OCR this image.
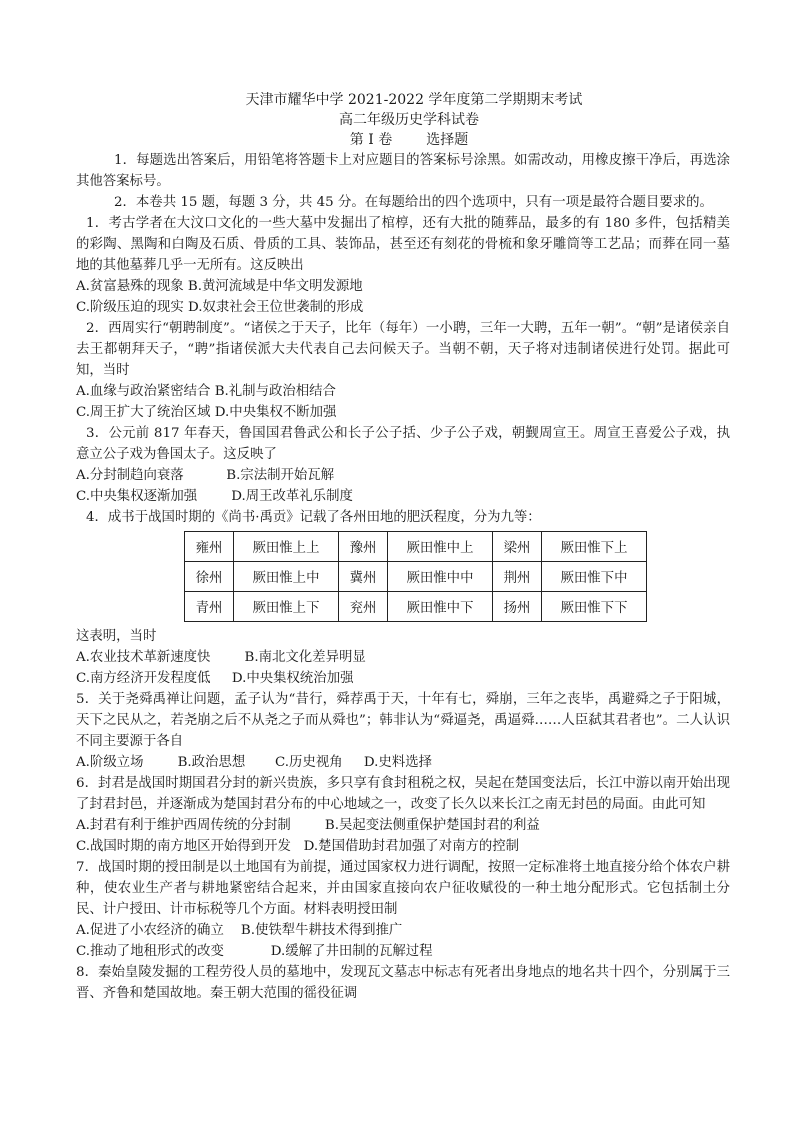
天津市耀华中学 2021-2022 学年度第二学期期末考试
高二年级历史学科试卷
第 I 卷 选择题

1．每题选出答案后，用铅笔将答题卡上对应题目的答案标号涂黑。如需改动，用橡皮擦干净后，再选涂其他答案标号。

2．本卷共 15 题，每题 3 分，共 45 分。在每题给出的四个选项中，只有一项是最符合题目要求的。

1．考古学者在大汶口文化的一些大墓中发掘出了棺椁，还有大批的随葬品，最多的有 180 多件，包括精美的彩陶、黑陶和白陶及石质、骨质的工具、装饰品，甚至还有刻花的骨梳和象牙雕筒等工艺品；而葬在同一墓地的其他墓葬几乎一无所有。这反映出

A.贫富悬殊的现象 B.黄河流域是中华文明发源地

C.阶级压迫的现实 D.奴隶社会王位世袭制的形成

2．西周实行“朝聘制度”。“诸侯之于天子，比年（每年）一小聘，三年一大聘，五年一朝”。“朝”是诸侯亲自去王都朝拜天子，“聘”指诸侯派大夫代表自己去问候天子。当朝不朝，天子将对违制诸侯进行处罚。据此可知，当时

A.血缘与政治紧密结合 B.礼制与政治相结合

C.周王扩大了统治区域 D.中央集权不断加强

3．公元前 817 年春天，鲁国国君鲁武公和长子公子括、少子公子戏，朝觐周宣王。周宣王喜爱公子戏，执意立公子戏为鲁国太子。这反映了

A.分封制趋向衰落	B.宗法制开始瓦解

C.中央集权逐渐加强	D.周王改革礼乐制度

4．成书于战国时期的《尚书·禹贡》记载了各州田地的肥沃程度，分为九等：

雍州	厥田惟上上	豫州	厥田惟中上	梁州	厥田惟下上
徐州	厥田惟上中	冀州	厥田惟中中	荆州	厥田惟下中
青州	厥田惟上下	兖州	厥田惟中下	扬州	厥田惟下下

这表明，当时

A.农业技术革新速度快	B.南北文化差异明显

C.南方经济开发程度低 D.中央集权统治加强

5．关于尧舜禹禅让问题，孟子认为“昔行，舜荐禹于天，十年有七，舜崩，三年之丧毕，禹避舜之子于阳城，天下之民从之，若尧崩之后不从尧之子而从舜也”；韩非认为“舜逼尧，禹逼舜……人臣弑其君者也”。二人认识不同主要源于各自

A.阶级立场	B.政治思想 C.历史视角 D.史料选择

6．封君是战国时期国君分封的新兴贵族，多只享有食封租税之权，吴起在楚国变法后，长江中游以南开始出现了封君封邑，并逐渐成为楚国封君分布的中心地域之一，改变了长久以来长江之南无封邑的局面。由此可知

A.封君有利于维护西周传统的分封制	B.吴起变法侧重保护楚国封君的利益

C.战国时期的南方地区开始得到开发 D.楚国借助封君加强了对南方的控制

7．战国时期的授田制是以土地国有为前提，通过国家权力进行调配，按照一定标准将土地直接分给个体农户耕种，使农业生产者与耕地紧密结合起来，并由国家直接向农户征收赋役的一种土地分配形式。它包括制土分民、计户授田、计市标税等几个方面。材料表明授田制

A.促进了小农经济的确立 B.使铁犁牛耕技术得到推广

C.推动了地租形式的改变	D.缓解了井田制的瓦解过程

8．秦始皇陵发掘的工程劳役人员的墓地中，发现瓦文墓志中标志有死者出身地点的地名共十四个，分别属于三晋、齐鲁和楚国故地。秦王朝大范围的徭役征调
